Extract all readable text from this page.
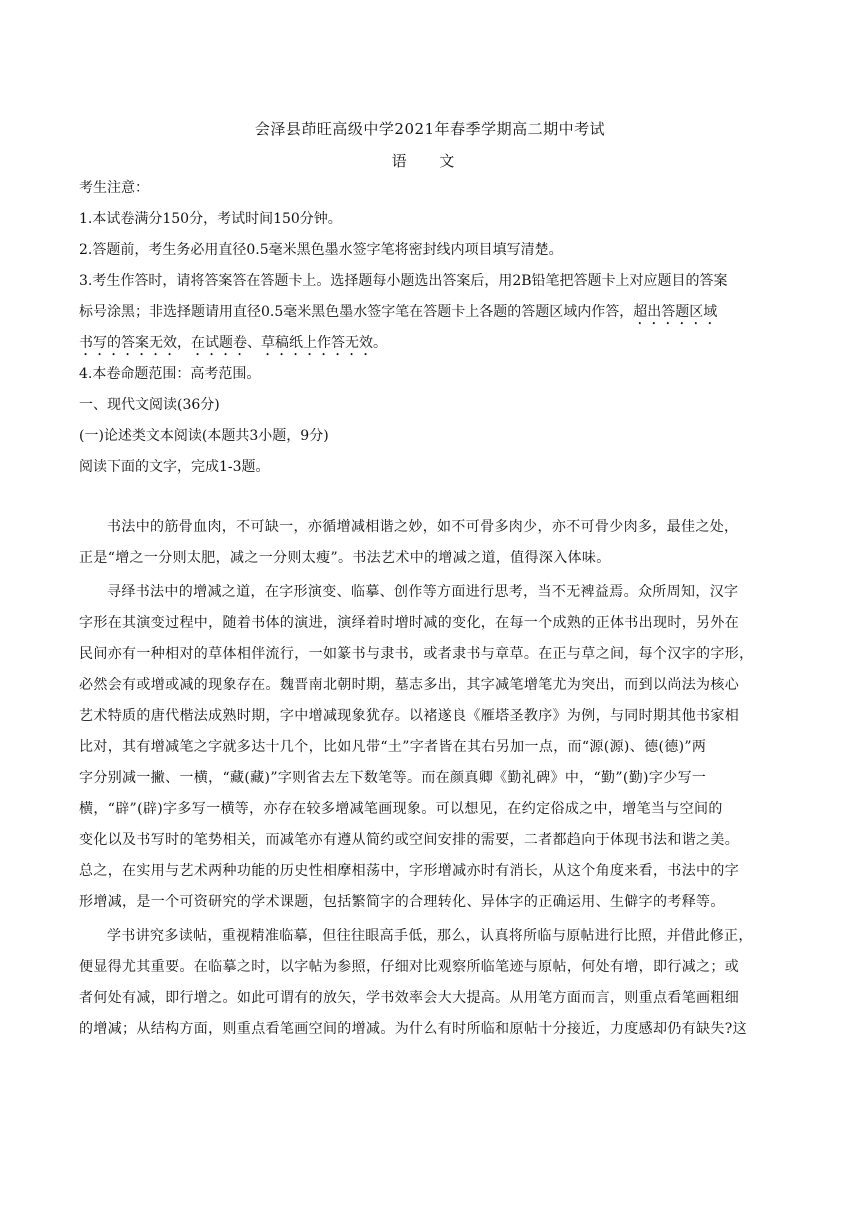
会泽县茚旺高级中学2021年春季学期高二期中考试
语 文
考生注意：
1.本试卷满分150分，考试时间150分钟。
2.答题前，考生务必用直径0.5毫米黑色墨水签字笔将密封线内项目填写清楚。
3.考生作答时，请将答案答在答题卡上。选择题每小题选出答案后，用2B铅笔把答题卡上对应题目的答案
标号涂黑；非选择题请用直径0.5毫米黑色墨水签字笔在答题卡上各题的答题区域内作答，超出答题区域
书写的答案无效，在试题卷、草稿纸上作答无效。
4.本卷命题范围：高考范围。
一、现代文阅读(36分)
(一)论述类文本阅读(本题共3小题，9分)
阅读下面的文字，完成1-3题。
书法中的筋骨血肉，不可缺一，亦循增减相谐之妙，如不可骨多肉少，亦不可骨少肉多，最佳之处，
正是“增之一分则太肥，减之一分则太瘦”。书法艺术中的增减之道，值得深入体味。
寻绎书法中的增减之道，在字形演变、临摹、创作等方面进行思考，当不无裨益焉。众所周知，汉字
字形在其演变过程中，随着书体的演进，演绎着时增时减的变化，在每一个成熟的正体书出现时，另外在
民间亦有一种相对的草体相伴流行，一如篆书与隶书，或者隶书与章草。在正与草之间，每个汉字的字形，
必然会有或增或减的现象存在。魏晋南北朝时期，墓志多出，其字减笔增笔尤为突出，而到以尚法为核心
艺术特质的唐代楷法成熟时期，字中增减现象犹存。以褚遂良《雁塔圣教序》为例，与同时期其他书家相
比对，其有增减笔之字就多达十几个，比如凡带“土”字者皆在其右另加一点，而“源(源)、德(德)”两
字分别减一撇、一横，“藏(藏)”字则省去左下数笔等。而在颜真卿《勤礼碑》中，“勤”(勤)字少写一
横，“辟”(辟)字多写一横等，亦存在较多增减笔画现象。可以想见，在约定俗成之中，增笔当与空间的
变化以及书写时的笔势相关，而减笔亦有遵从简约或空间安排的需要，二者都趋向于体现书法和谐之美。
总之，在实用与艺术两种功能的历史性相摩相荡中，字形增减亦时有消长，从这个角度来看，书法中的字
形增减，是一个可资研究的学术课题，包括繁简字的合理转化、异体字的正确运用、生僻字的考释等。
学书讲究多读帖，重视精准临摹，但往往眼高手低，那么，认真将所临与原帖进行比照，并借此修正，
便显得尤其重要。在临摹之时，以字帖为参照，仔细对比观察所临笔迹与原帖，何处有增，即行减之；或
者何处有减，即行增之。如此可谓有的放矢，学书效率会大大提高。从用笔方面而言，则重点看笔画粗细
的增减；从结构方面，则重点看笔画空间的增减。为什么有时所临和原帖十分接近，力度感却仍有缺失?这
